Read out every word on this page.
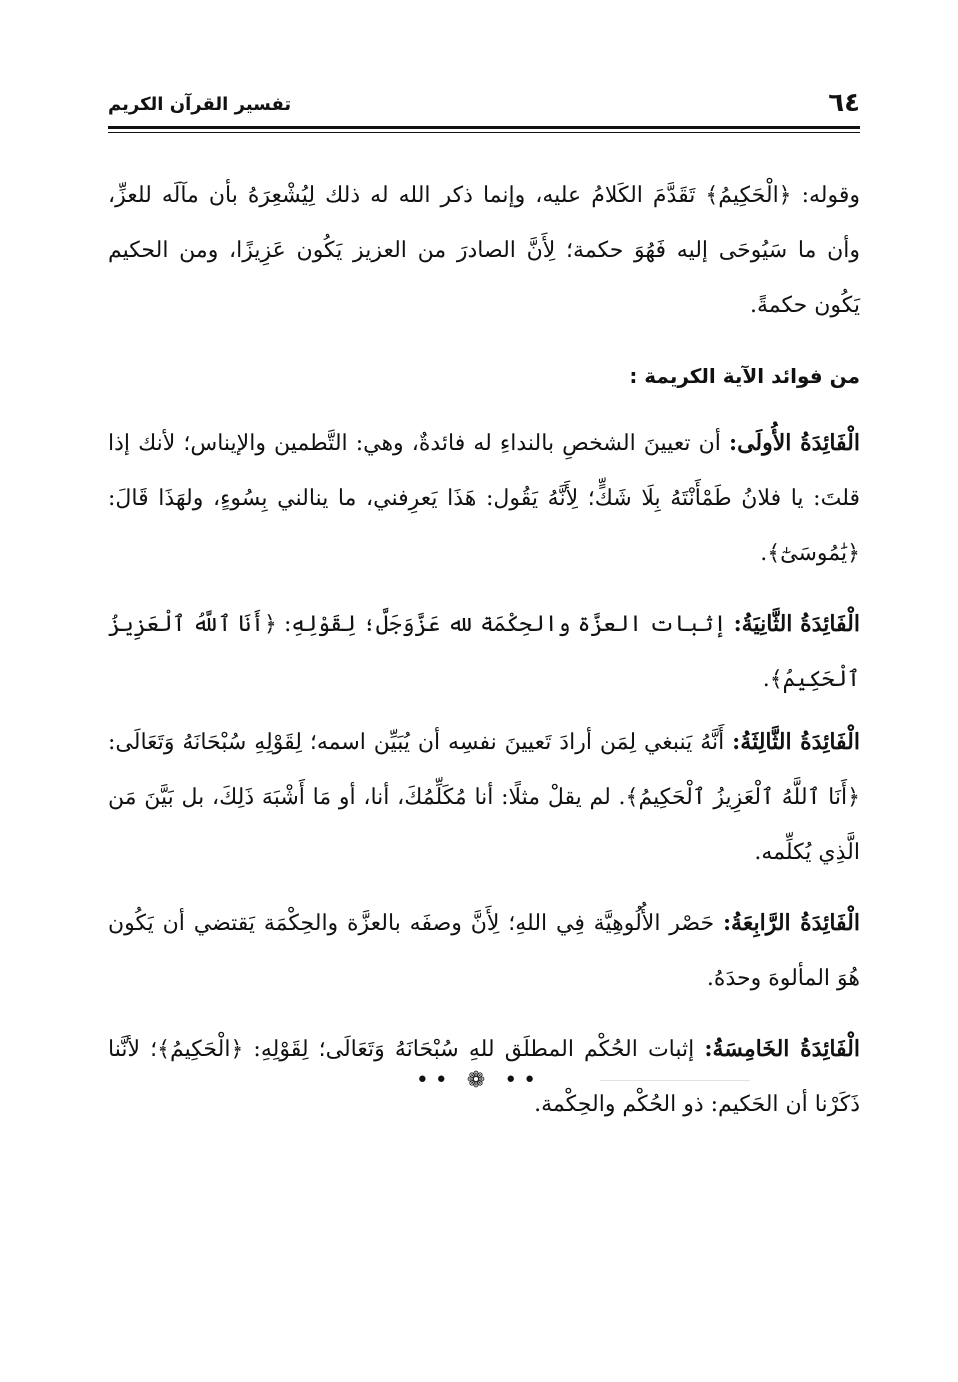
٦٤
تفسير القرآن الكريم

وقوله: ﴿الْحَكِيمُ﴾ تَقَدَّمَ الكَلامُ عليه، وإنما ذكر الله له ذلك لِيُشْعِرَهُ بأن مآلَه للعزِّ، وأن ما سَيُوحَى إليه فَهُوَ حكمة؛ لِأَنَّ الصادرَ من العزيز يَكُون عَزِيزًا، ومن الحكيم يَكُون حكمةً.

من فوائد الآية الكريمة :

الْفَائِدَةُ الأُولَى: أن تعيينَ الشخصِ بالنداءِ له فائدةٌ، وهي: التَّطمين والإيناس؛ لأنك إذا قلتَ: يا فلانُ طَمْأَنْتَهُ بِلَا شَكٍّ؛ لِأَنَّهُ يَقُول: هَذَا يَعرِفني، ما ينالني بِسُوءٍ، ولهَذَا قَالَ: ﴿يَٰمُوسَىٰٓ﴾.

الْفَائِدَةُ الثَّانِيَةُ: إثبات العزَّة والحِكْمَة لله عَزَّوَجَلَّ؛ لِقَوْلِهِ: ﴿أَنَا ٱللَّهُ ٱلْعَزِيزُ ٱلْحَكِيمُ﴾.

الْفَائِدَةُ الثَّالِثَةُ: أَنَّهُ يَنبغي لِمَن أرادَ تَعيينَ نفسِه أن يُبَيِّن اسمه؛ لِقَوْلِهِ سُبْحَانَهُ وَتَعَالَى: ﴿أَنَا ٱللَّهُ ٱلْعَزِيزُ ٱلْحَكِيمُ﴾. لم يقلْ مثلًا: أنا مُكَلِّمُكَ، أنا، أو مَا أَشْبَهَ ذَلِكَ، بل بَيَّنَ مَن الَّذِي يُكلِّمه.

الْفَائِدَةُ الرَّابِعَةُ: حَصْر الأُلُوهِيَّة فِي اللهِ؛ لِأَنَّ وصفَه بالعزَّة والحِكْمَة يَقتضي أن يَكُون هُوَ المألوهَ وحدَهُ.

الْفَائِدَةُ الخَامِسَةُ: إثبات الحُكْم المطلَق للهِ سُبْحَانَهُ وَتَعَالَى؛ لِقَوْلِهِ: ﴿الْحَكِيمُ﴾؛ لأنَّنا ذَكَرْنا أن الحَكيم: ذو الحُكْم والحِكْمة.

•• ❁ ••
